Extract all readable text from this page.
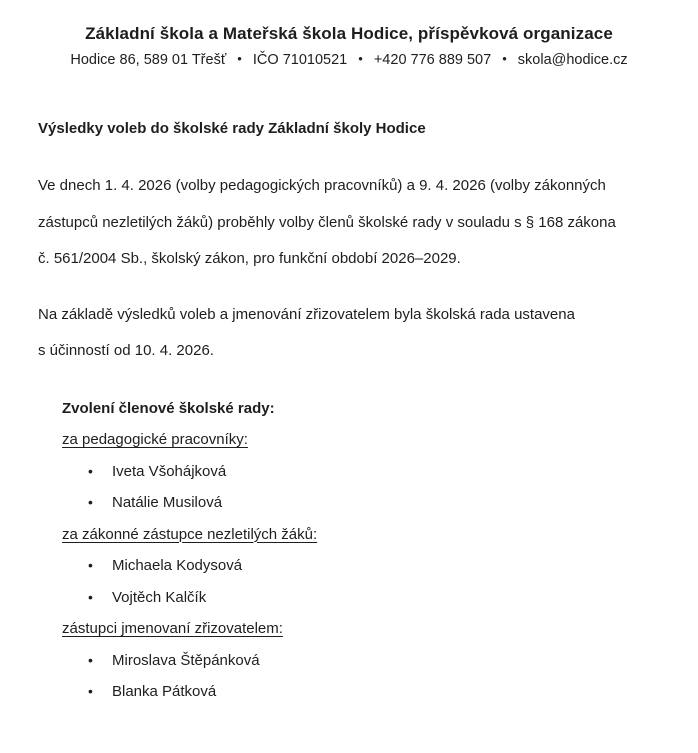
Základní škola a Mateřská škola Hodice, příspěvková organizace
Hodice 86, 589 01 Třešť • IČO 71010521 • +420 776 889 507 • skola@hodice.cz
Výsledky voleb do školské rady Základní školy Hodice

Ve dnech 1. 4. 2026 (volby pedagogických pracovníků) a 9. 4. 2026 (volby zákonných
zástupců nezletilých žáků) proběhly volby členů školské rady v souladu s § 168 zákona
č. 561/2004 Sb., školský zákon, pro funkční období 2026–2029.

Na základě výsledků voleb a jmenování zřizovatelem byla školská rada ustavena
s účinností od 10. 4. 2026.

Zvolení členové školské rady:
za pedagogické pracovníky:
•	Iveta Všohájková
•	Natálie Musilová
za zákonné zástupce nezletilých žáků:
•	Michaela Kodysová
•	Vojtěch Kalčík
zástupci jmenovaní zřizovatelem:
•	Miroslava Štěpánková
•	Blanka Pátková
